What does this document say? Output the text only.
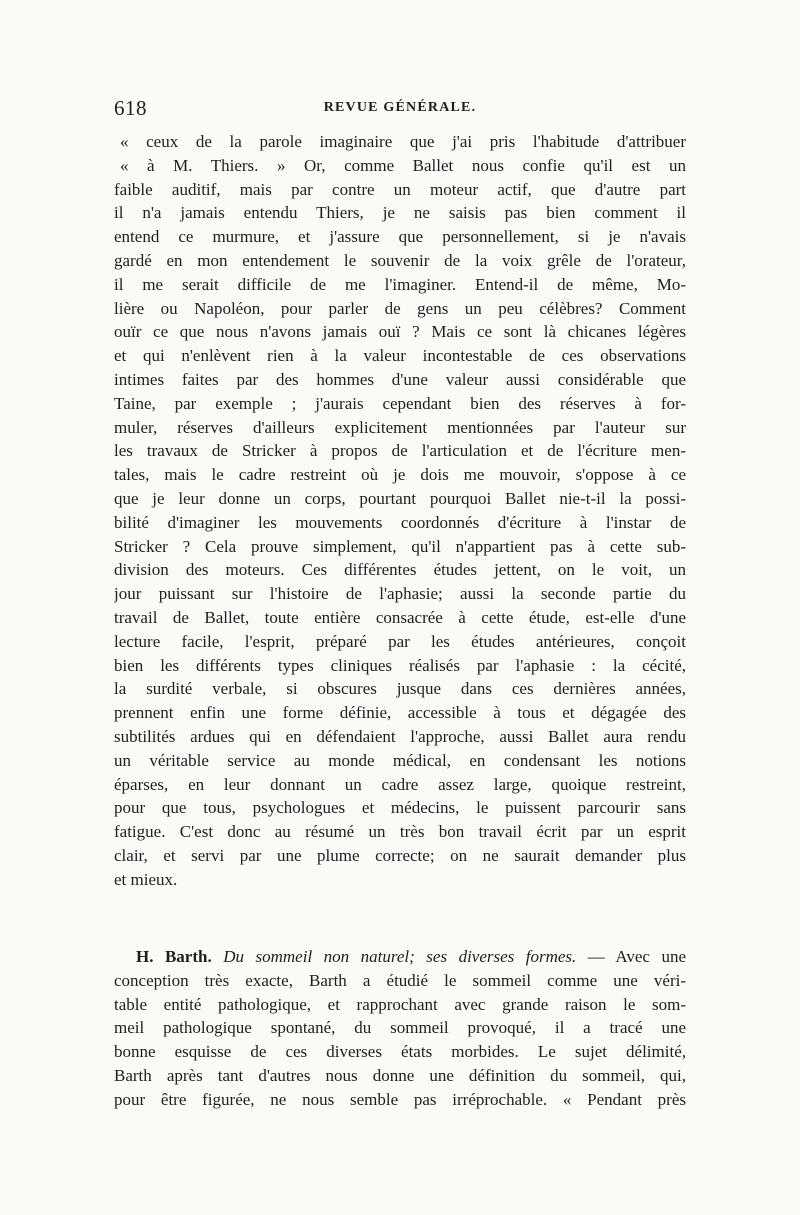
618	REVUE GÉNÉRALE.
« ceux de la parole imaginaire que j'ai pris l'habitude d'attribuer
« à M. Thiers. » Or, comme Ballet nous confie qu'il est un
faible auditif, mais par contre un moteur actif, que d'autre part
il n'a jamais entendu Thiers, je ne saisis pas bien comment il
entend ce murmure, et j'assure que personnellement, si je n'avais
gardé en mon entendement le souvenir de la voix grêle de l'orateur,
il me serait difficile de me l'imaginer. Entend-il de même, Mo-
lière ou Napoléon, pour parler de gens un peu célèbres? Comment
ouïr ce que nous n'avons jamais ouï ? Mais ce sont là chicanes légères
et qui n'enlèvent rien à la valeur incontestable de ces observations
intimes faites par des hommes d'une valeur aussi considérable que
Taine, par exemple ; j'aurais cependant bien des réserves à for-
muler, réserves d'ailleurs explicitement mentionnées par l'auteur sur
les travaux de Stricker à propos de l'articulation et de l'écriture men-
tales, mais le cadre restreint où je dois me mouvoir, s'oppose à ce
que je leur donne un corps, pourtant pourquoi Ballet nie-t-il la possi-
bilité d'imaginer les mouvements coordonnés d'écriture à l'instar de
Stricker ? Cela prouve simplement, qu'il n'appartient pas à cette sub-
division des moteurs. Ces différentes études jettent, on le voit, un
jour puissant sur l'histoire de l'aphasie; aussi la seconde partie du
travail de Ballet, toute entière consacrée à cette étude, est-elle d'une
lecture facile, l'esprit, préparé par les études antérieures, conçoit
bien les différents types cliniques réalisés par l'aphasie : la cécité,
la surdité verbale, si obscures jusque dans ces dernières années,
prennent enfin une forme définie, accessible à tous et dégagée des
subtilités ardues qui en défendaient l'approche, aussi Ballet aura rendu
un véritable service au monde médical, en condensant les notions
éparses, en leur donnant un cadre assez large, quoique restreint,
pour que tous, psychologues et médecins, le puissent parcourir sans
fatigue. C'est donc au résumé un très bon travail écrit par un esprit
clair, et servi par une plume correcte; on ne saurait demander plus
et mieux.
H. Barth. Du sommeil non naturel; ses diverses formes. — Avec une
conception très exacte, Barth a étudié le sommeil comme une véri-
table entité pathologique, et rapprochant avec grande raison le som-
meil pathologique spontané, du sommeil provoqué, il a tracé une
bonne esquisse de ces diverses états morbides. Le sujet délimité,
Barth après tant d'autres nous donne une définition du sommeil, qui,
pour être figurée, ne nous semble pas irréprochable. « Pendant près
